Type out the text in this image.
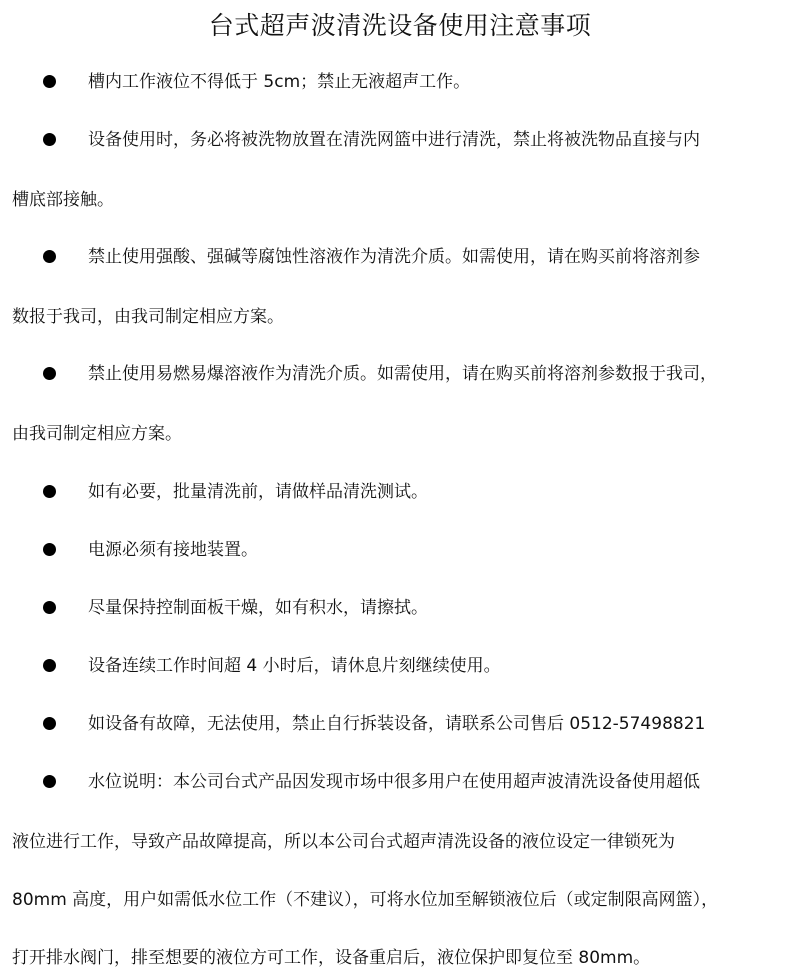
台式超声波清洗设备使用注意事项
槽内工作液位不得低于 5cm；禁止无液超声工作。
设备使用时，务必将被洗物放置在清洗网篮中进行清洗，禁止将被洗物品直接与内
槽底部接触。
禁止使用强酸、强碱等腐蚀性溶液作为清洗介质。如需使用，请在购买前将溶剂参
数报于我司，由我司制定相应方案。
禁止使用易燃易爆溶液作为清洗介质。如需使用，请在购买前将溶剂参数报于我司，
由我司制定相应方案。
如有必要，批量清洗前，请做样品清洗测试。
电源必须有接地装置。
尽量保持控制面板干燥，如有积水，请擦拭。
设备连续工作时间超 4 小时后，请休息片刻继续使用。
如设备有故障，无法使用，禁止自行拆装设备，请联系公司售后 0512-57498821
水位说明：本公司台式产品因发现市场中很多用户在使用超声波清洗设备使用超低
液位进行工作，导致产品故障提高，所以本公司台式超声清洗设备的液位设定一律锁死为
80mm 高度，用户如需低水位工作（不建议），可将水位加至解锁液位后（或定制限高网篮），
打开排水阀门，排至想要的液位方可工作，设备重启后，液位保护即复位至 80mm。
